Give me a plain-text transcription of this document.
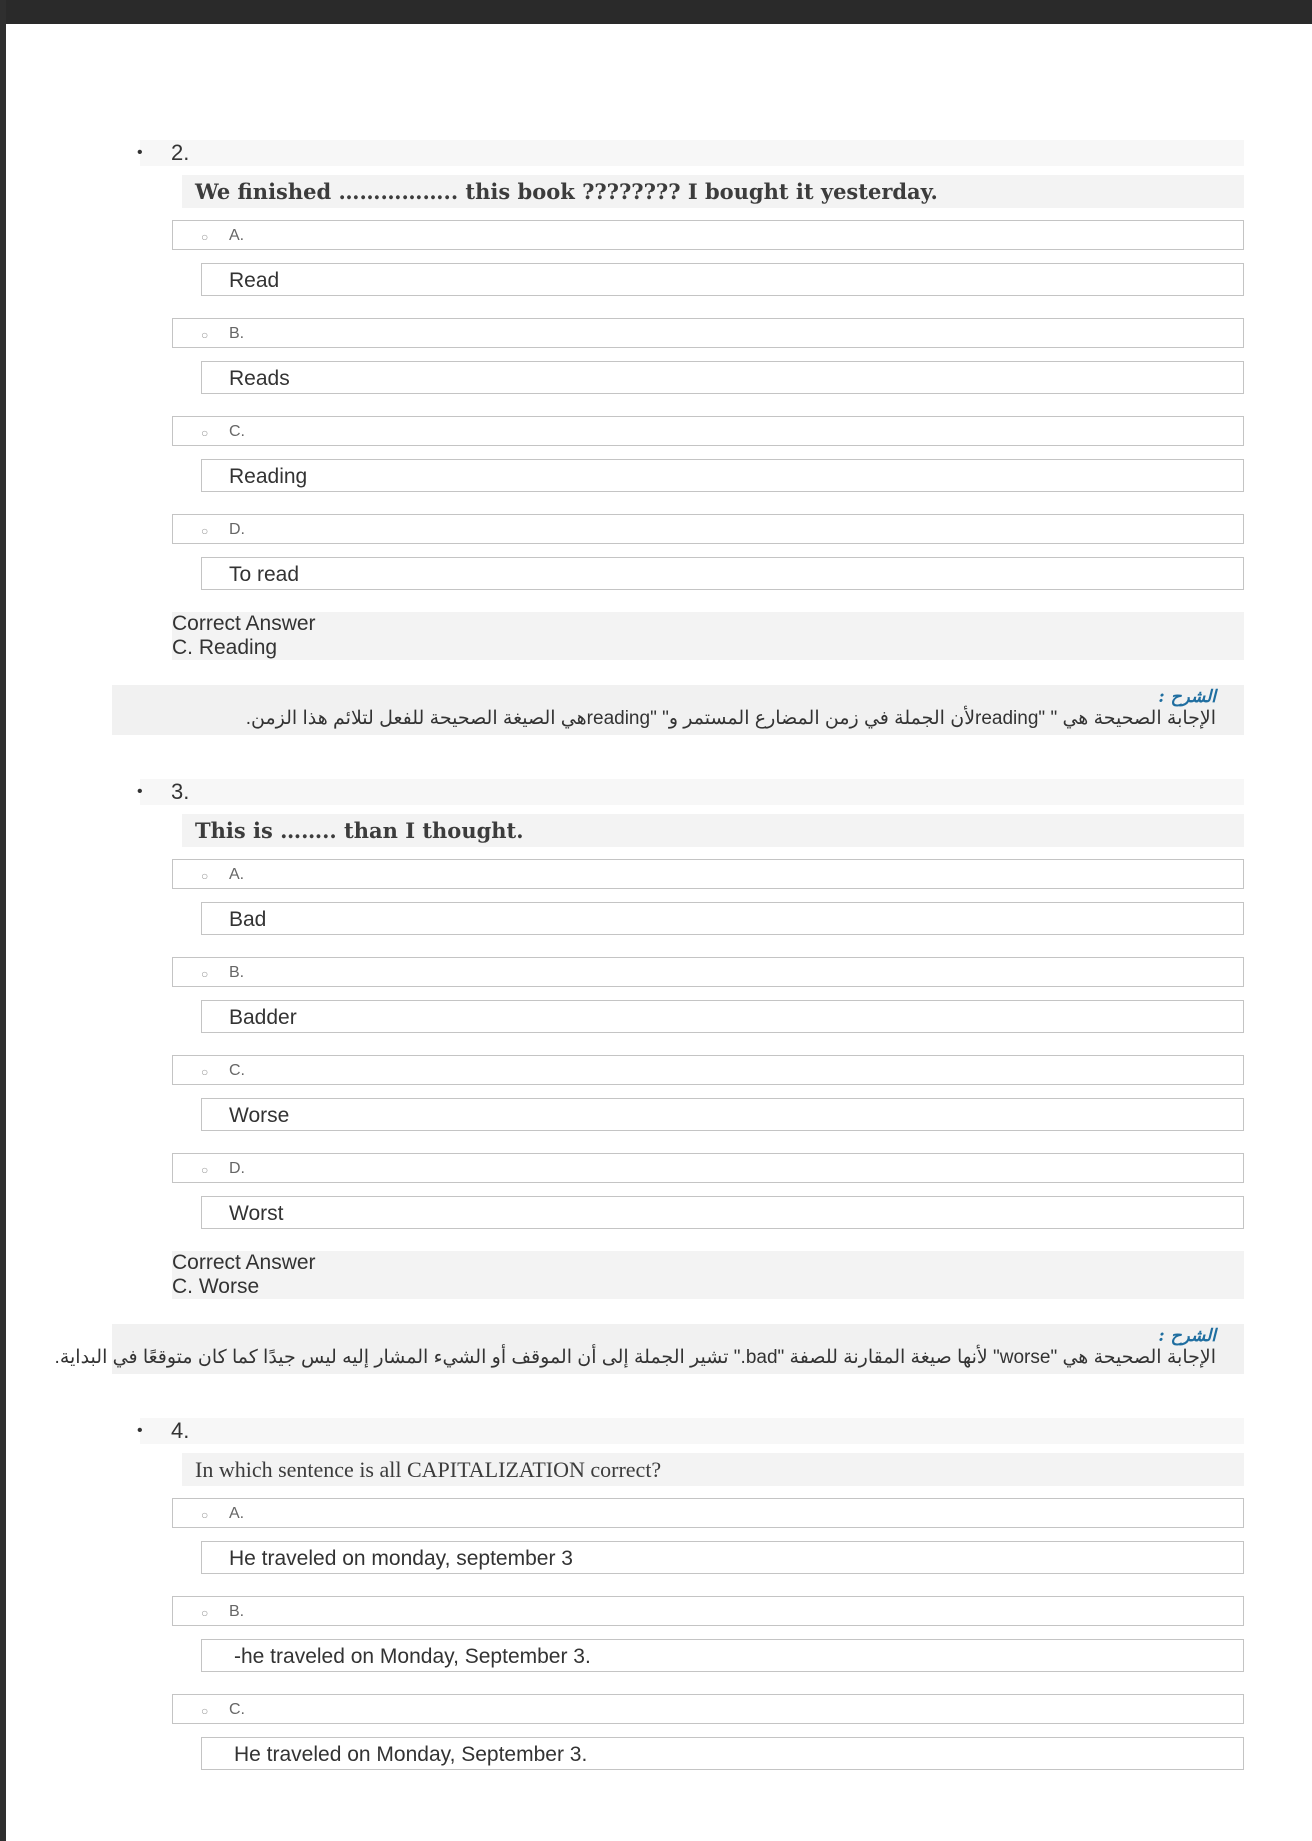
• 2.
We finished …………….. this book ???????? I bought it yesterday.
○ A.
Read
○ B.
Reads
○ C.
Reading
○ D.
To read
Correct Answer
C. Reading
الشرح :
الإجابة الصحيحة هي " "readingلأن الجملة في زمن المضارع المستمر و" "readingهي الصيغة الصحيحة للفعل لتلائم هذا الزمن.
• 3.
This is …….. than I thought.
○ A.
Bad
○ B.
Badder
○ C.
Worse
○ D.
Worst
Correct Answer
C. Worse
الشرح :
الإجابة الصحيحة هي "worse" لأنها صيغة المقارنة للصفة "bad." تشير الجملة إلى أن الموقف أو الشيء المشار إليه ليس جيدًا كما كان متوقعًا في البداية.
• 4.
In which sentence is all CAPITALIZATION correct?
○ A.
He traveled on monday, september 3
○ B.
-he traveled on Monday, September 3.
○ C.
He traveled on Monday, September 3.
